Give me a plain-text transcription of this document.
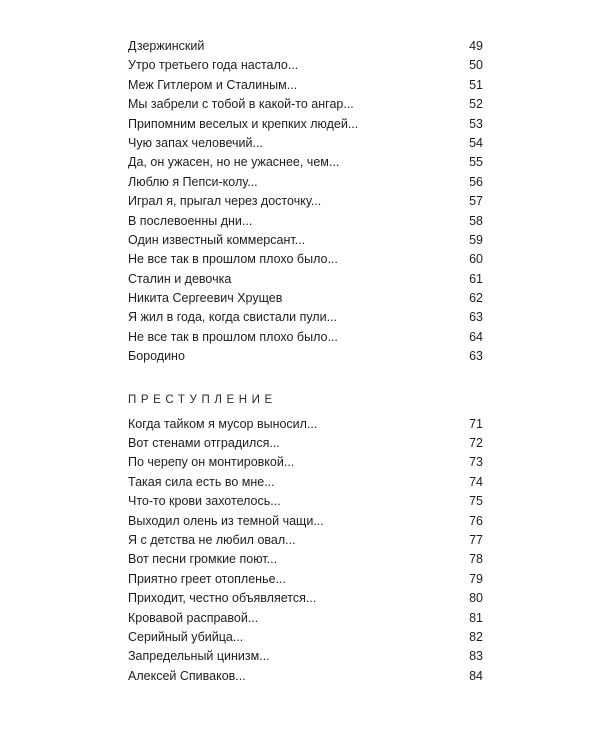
Дзержинский	49
Утро третьего года настало...	50
Меж Гитлером и Сталиным...	51
Мы забрели с тобой в какой-то ангар...	52
Припомним веселых и крепких людей...	53
Чую запах человечий...	54
Да, он ужасен, но не ужаснее, чем...	55
Люблю я Пепси-колу...	56
Играл я, прыгал через досточку...	57
В послевоенны дни...	58
Один известный коммерсант...	59
Не все так в прошлом плохо было...	60
Сталин и девочка	61
Никита Сергеевич Хрущев	62
Я жил в года, когда свистали пули...	63
Не все так в прошлом плохо было...	64
Бородино	63
ПРЕСТУПЛЕНИЕ
Когда тайком я мусор выносил...	71
Вот стенами отградился...	72
По черепу он монтировкой...	73
Такая сила есть во мне...	74
Что-то крови захотелось...	75
Выходил олень из темной чащи...	76
Я с детства не любил овал...	77
Вот песни громкие поют...	78
Приятно греет отопленье...	79
Приходит, честно объявляется...	80
Кровавой расправой...	81
Серийный убийца...	82
Запредельный цинизм...	83
Алексей Спиваков...	84
